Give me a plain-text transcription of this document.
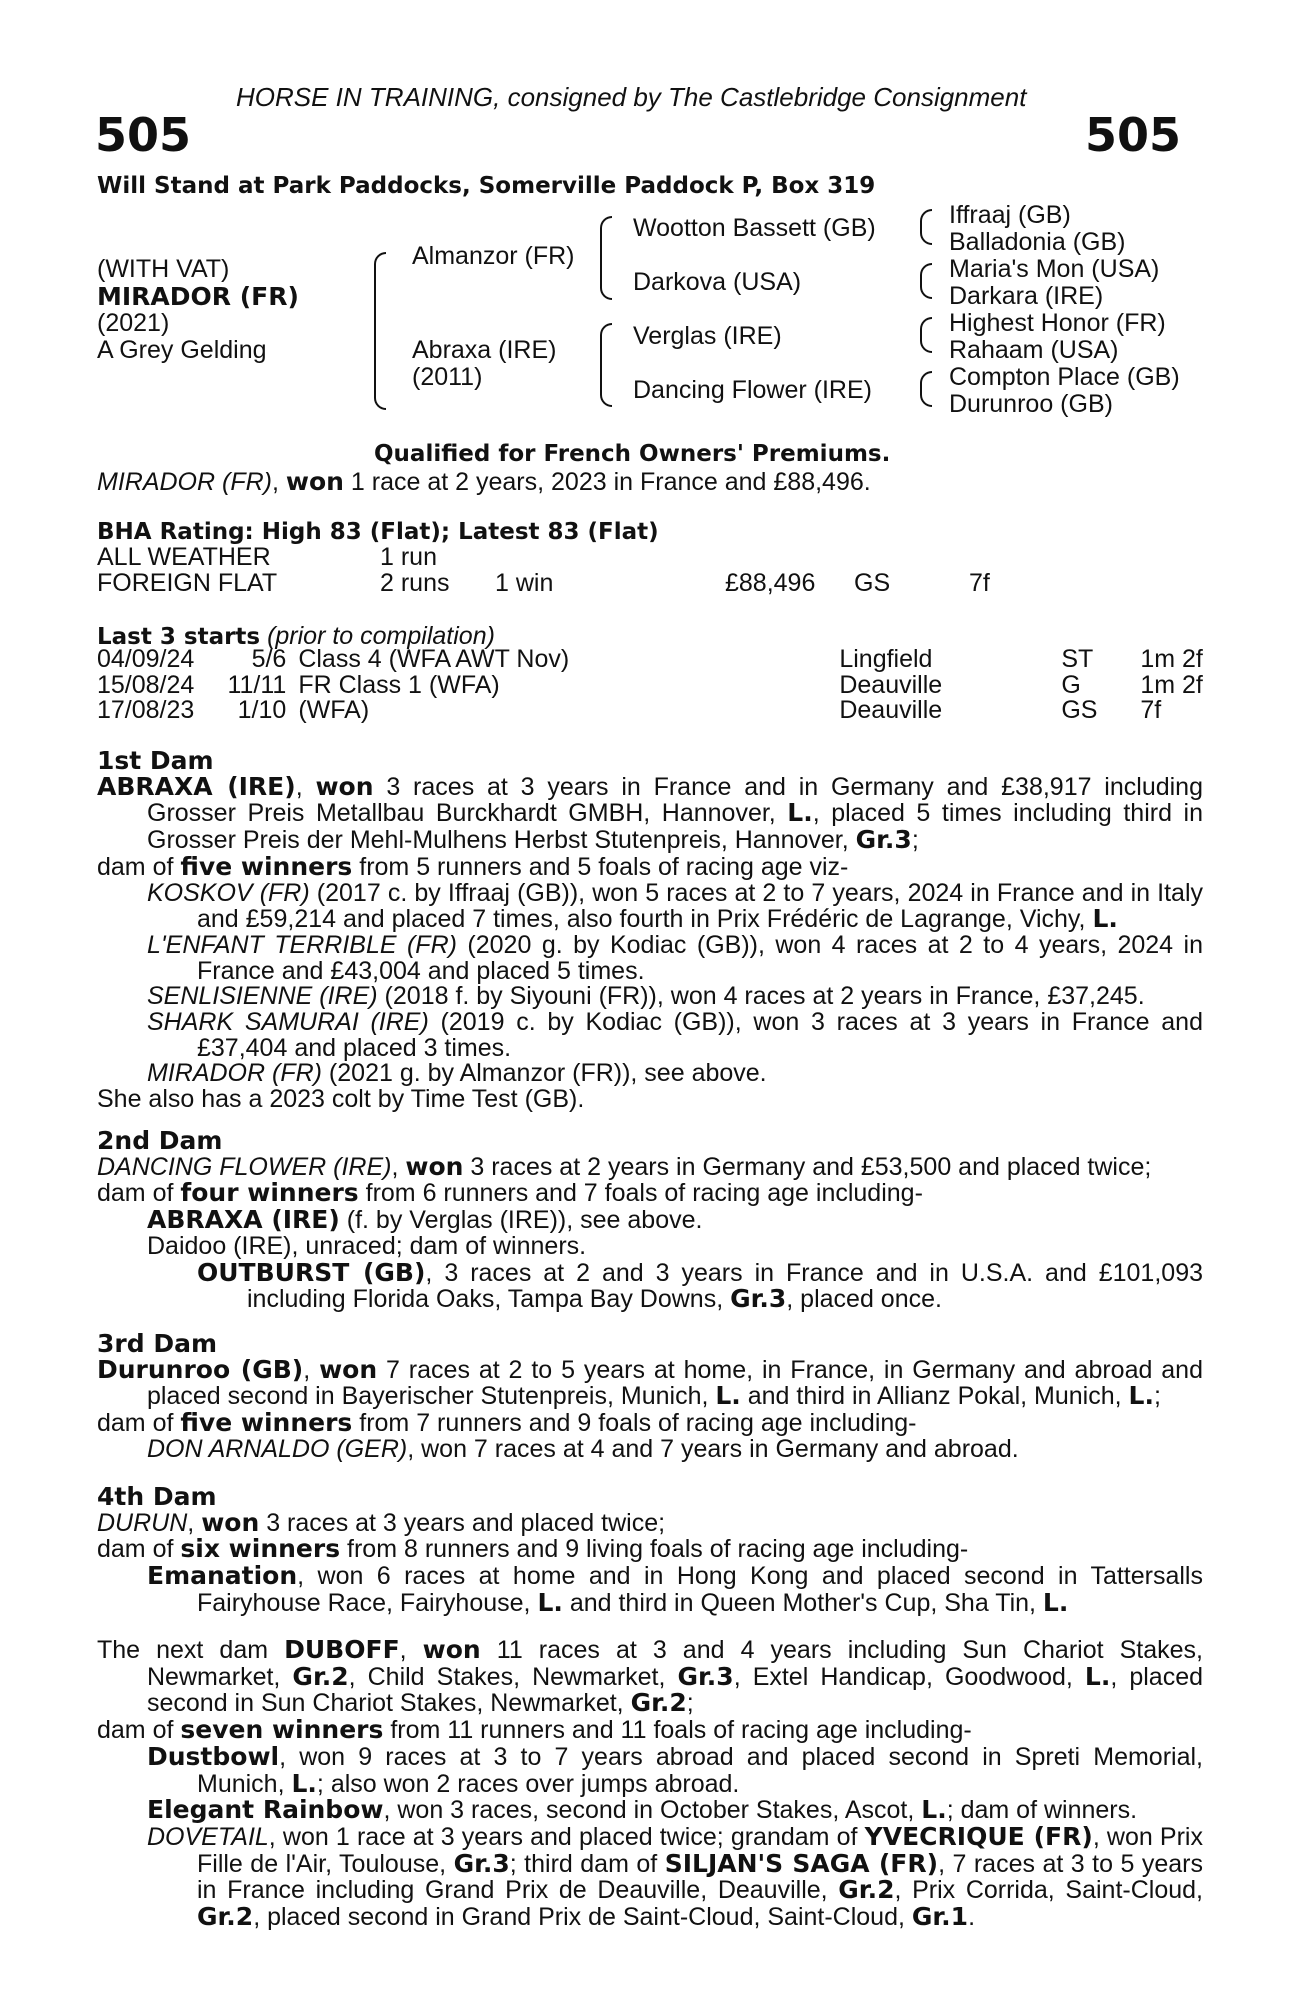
HORSE IN TRAINING, consigned by The Castlebridge Consignment
505	505
Will Stand at Park Paddocks, Somerville Paddock P, Box 319
(WITH VAT)
MIRADOR (FR)
(2021)
A Grey Gelding
Almanzor (FR)
Abraxa (IRE)
(2011)
Wootton Bassett (GB)
Darkova (USA)
Verglas (IRE)
Dancing Flower (IRE)
Iffraaj (GB)
Balladonia (GB)
Maria's Mon (USA)
Darkara (IRE)
Highest Honor (FR)
Rahaam (USA)
Compton Place (GB)
Durunroo (GB)
Qualified for French Owners' Premiums.
MIRADOR (FR), won 1 race at 2 years, 2023 in France and £88,496.
BHA Rating: High 83 (Flat); Latest 83 (Flat)
ALL WEATHER	1 run				
FOREIGN FLAT	2 runs	1 win	£88,496	GS	7f
Last 3 starts (prior to compilation)
04/09/24	5/6	Class 4 (WFA AWT Nov)	Lingfield	ST	1m 2f
15/08/24	11/11	FR Class 1 (WFA)	Deauville	G	1m 2f
17/08/23	1/10	(WFA)	Deauville	GS	7f

1st Dam

ABRAXA (IRE), won 3 races at 3 years in France and in Germany and £38,917 including Grosser Preis Metallbau Burckhardt GMBH, Hannover, L., placed 5 times including third in Grosser Preis der Mehl-Mulhens Herbst Stutenpreis, Hannover, Gr.3;

dam of five winners from 5 runners and 5 foals of racing age viz-

KOSKOV (FR) (2017 c. by Iffraaj (GB)), won 5 races at 2 to 7 years, 2024 in France and in Italy and £59,214 and placed 7 times, also fourth in Prix Frédéric de Lagrange, Vichy, L.

L'ENFANT TERRIBLE (FR) (2020 g. by Kodiac (GB)), won 4 races at 2 to 4 years, 2024 in France and £43,004 and placed 5 times.

SENLISIENNE (IRE) (2018 f. by Siyouni (FR)), won 4 races at 2 years in France, £37,245.

SHARK SAMURAI (IRE) (2019 c. by Kodiac (GB)), won 3 races at 3 years in France and £37,404 and placed 3 times.

MIRADOR (FR) (2021 g. by Almanzor (FR)), see above.

She also has a 2023 colt by Time Test (GB).

2nd Dam

DANCING FLOWER (IRE), won 3 races at 2 years in Germany and £53,500 and placed twice;

dam of four winners from 6 runners and 7 foals of racing age including-

ABRAXA (IRE) (f. by Verglas (IRE)), see above.

Daidoo (IRE), unraced; dam of winners.

OUTBURST (GB), 3 races at 2 and 3 years in France and in U.S.A. and £101,093 including Florida Oaks, Tampa Bay Downs, Gr.3, placed once.

3rd Dam

Durunroo (GB), won 7 races at 2 to 5 years at home, in France, in Germany and abroad and placed second in Bayerischer Stutenpreis, Munich, L. and third in Allianz Pokal, Munich, L.;

dam of five winners from 7 runners and 9 foals of racing age including-

DON ARNALDO (GER), won 7 races at 4 and 7 years in Germany and abroad.

4th Dam

DURUN, won 3 races at 3 years and placed twice;

dam of six winners from 8 runners and 9 living foals of racing age including-

Emanation, won 6 races at home and in Hong Kong and placed second in Tattersalls Fairyhouse Race, Fairyhouse, L. and third in Queen Mother's Cup, Sha Tin, L.

The next dam DUBOFF, won 11 races at 3 and 4 years including Sun Chariot Stakes, Newmarket, Gr.2, Child Stakes, Newmarket, Gr.3, Extel Handicap, Goodwood, L., placed second in Sun Chariot Stakes, Newmarket, Gr.2;

dam of seven winners from 11 runners and 11 foals of racing age including-

Dustbowl, won 9 races at 3 to 7 years abroad and placed second in Spreti Memorial, Munich, L.; also won 2 races over jumps abroad.

Elegant Rainbow, won 3 races, second in October Stakes, Ascot, L.; dam of winners.

DOVETAIL, won 1 race at 3 years and placed twice; grandam of YVECRIQUE (FR), won Prix Fille de l'Air, Toulouse, Gr.3; third dam of SILJAN'S SAGA (FR), 7 races at 3 to 5 years in France including Grand Prix de Deauville, Deauville, Gr.2, Prix Corrida, Saint-Cloud, Gr.2, placed second in Grand Prix de Saint-Cloud, Saint-Cloud, Gr.1.
